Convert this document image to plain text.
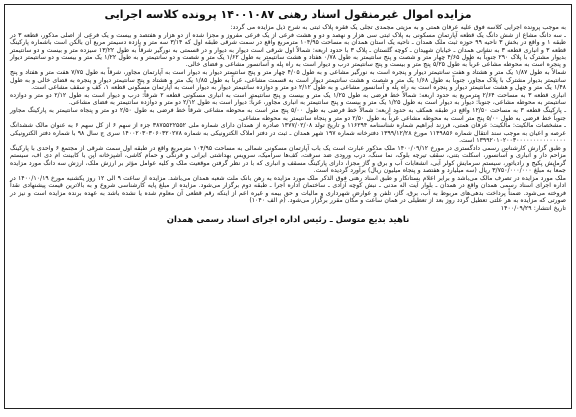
مزایده اموال غیرمنقول اسناد رهنی ۱۴۰۰۱۰۸۷ پرونده کلاسه اجرایی

به موجب پرونده اجرایی کلاسه فوق علیه عرفان همتی و به مزیتی مجمدی تجلی یک فقره پلاک ثبتی به شرح ذیل مزایده می گردد:

ـ سه دانگ مشاع از شش دانگ یک قطعه آپارتمان مسکونی به پلاک ثبتی سی هزار و نهصد و دو و هشت فرعی از یک فرعی مفروز و مجزا شده از دو هزار و هفتصد و بیست و یک فرعی از اصلی مذکور، قطعه ۳ در طبقه ۱ و واقع در بخش ۳ ناحیه ۹۹ حوزه ثبت ملک همدان ـ ناحیه یک استان همدان به مساحت ۱۰۴/۹۵ مترمربع واقع در سمت شرقی طبقه اول که ۳/۱۴ سه متر و یازده دسیمتر مربع آن بالکن است باشماره پارکینگ قطعه ۳ و انباری قطعه ۳ به نشانی همدان ـ خیابان شهیدان ـ کوچه گلستان ـ پلاک ۳ با حدود اربعه: شمالاً اول شرقی است دیوار به دیوار و در قسمتی به نورگیر شرقاً به طول ۱۳/۲۲ سیزده متر و بیست و دو سانتیمتر بدیوار مشترک با پلاک ۲۹۰ جنوباً به طول ۴/۶۵ چهار متر و شصت و پنج سانتیمتر به طول ۰/۷۸ هفتاد و هشت سانتیمتر به طول ۱/۶۲ یک متر و شصت و دو سانتیمتر و به طول ۱/۲۲ یک متر و بیست و دو سانتیمتر دیوار و پنجره است به محوطه مشاعی غرباً به طول ۵/۲۵ پنج متر و بیست و پنج سانتیمتر درب و دیوار است به راه پله و آسانسور مشاعی و فضای خالی.

شمالاً به طول ۱/۸۷ یک متر و هشتاد و هفت سانتیمتر دیوار و پنجره است به نورگیر مشاعی و به طول ۴/۰۵ چهار متر و پنج سانتیمتر دیوار به دیوار است به آپارتمان مجاور، شرقاً به طول ۷/۷۵ هفت متر و هفتاد و پنج سانتیمتر بدیوار مشترک با پلاک مجاور، جنوباً به طول ۱/۶۸ یک متر و شصت و هشت سانتیمتر دیوار است به قسمت مشاعی، غرباً به طول ۱/۸۵ یک متر و هشتاد و پنج سانتیمتر دیوار و پنجره به فضای خالی و به طول ۱/۴۸ یک متر و چهل و هشت سانتیمتر دیوار و پنجره است به راه پله و آسانسور مشاعی و به طول ۲/۱۲ دو متر و دوازده سانتیمتر دیوار به دیوار است به آپارتمان مسکونی قطعه ۱، کف و سقف مشاعی است.

انباری قطعه ۳ به مساحت ۲/۶۴ مترمربع به حدود اربعه: شمالاً خط فرضی به طول ۱/۲۵ یک متر و بیست و پنج سانتیمتر است به انباری مسکونی قطعه ۲ شرقاً: درب و دیوار است به طول ۲/۱۲ دو متر و دوازده سانتیمتر به محوطه مشاعی، جنوباً: دیوار به دیوار است به طول ۱/۲۵ یک متر و بیست و پنج سانتیمتر به انباری مجاور، غرباً: دیوار است به طول ۲/۱۲ دو متر و دوازده سانتیمتر به فضای مشاعی.

ـ پارکینگ قطعه ۳ به مساحت ۱۲/۵۰ واقع در طبقه همکف به حدود اربعه: شمالاً خط فرضی به طول ۵/۰۰ پنج متر است به محوطه مشاعی شرقاً خط فرضی به طول ۲/۵۰ دو متر و پنجاه سانتیمتر به پارکینگ مجاور جنوباً خط فرضی به طول ۵/۰۰ پنج متر است به محوطه مشاعی غرباً به طول ۲/۵۰ دو متر و پنجاه سانتیمتر به محوطه مشاعی.

ـ مشخصات مالکیت: مالکیت: عرفان همتی، فرزند ابراهیم شماره شناسنامه ۱۱۶۲۹۴ و تاریخ تولد ۱۳۷۷/۰۲/۰۸ صادره از همدان دارای شماره ملی ۳۸۷۵۵۲۲۵۵۲ جزء از سهم ۶ از کل سهم ۶ به عنوان مالک ششدانگ عرصه و اعیان به موجب سند انتقال شماره ۱۱۴۹۸۵۶ مورخ ۱۳۹۹/۱۲/۲۸ دفترخانه شماره ۱۹۷ شهر همدان ـ ثبت در دفتر املاک الکترونیکی به شماره ۱۴۰۰۲۰۳۰۳۰۶۰۳۲۰۲۷۸ سری ج سال ۹۸ با شماره دفتر الکترونیکی ۱۳۹۹۲۰۱۰۲۰۰۳۰۰۰۰۰۰۰۰۰۰۰۰۰۰۰ است.

و طبق گزارش کارشناس رسمی دادگستری در مورخ ۱۴۰۰/۰۹/۱۲ ملک مذکور عبارت است یک باب آپارتمان مسکونی شمالی به مساحت ۱۰۴/۹۵ مترمربع واقع در طبقه اول سمت شرقی از مجتمع ۶ واحدی با پارکینگ مزاحم دار و انباری و آسانسور، اسکلت بتنی، سقف تیرچه بلوک، نما سنگ، درب ورودی ضد سرقت، کف‌ها سرامیک، سرویس بهداشتی ایرانی و فرنگی و حمام کاشی، آشپزخانه اپن با کابینت ام دی اف، سیستم گرمایش پکیج و رادیاتور، سیستم سرمایش کولر آبی، انشعابات آب و برق و گاز مجزا، دارای پارکینگ مسقف و انباری که با در نظر گرفتن موقعیت ملک و کلیه عوامل مؤثر بر ارزش ملک، ارزش سه دانگ مورد مزایده جمعاً به مبلغ ۳/۷۵۰/۰۰۰/۰۰۰ ریال (سه میلیارد و هفتصد و پنجاه میلیون ریال) برآورد گردیده است.

ملک مورد مزایده در تصرف مالک می‌باشد و برابر اعلام بستانکار و طبق اسناد رهنی فوق الذکر ملک مورد مزایده به رهن بانک ملت شعبه همدان می‌باشد. مزایده از ساعت ۹ الی ۱۲ روز یکشنبه مورخ ۱۴۰۰/۱۰/۱۹ در اداره اجرای اسناد رسمی همدان واقع در همدان ـ بلوار آیت اله مدنی ـ نبش کوچه آزادی ـ ساختمان اداره اجرا ـ طبقه دوم برگزار می‌شود. مزایده از مبلغ پایه کارشناسی شروع و به بالاترین قیمت پیشنهادی نقداً فروخته می‌شود. ضمناً پرداخت بدهی‌های مربوط به آب، برق، گاز، تلفن و عوارض شهرداری و مالیات و حق بیمه و غیره اعم از اینکه رقم قطعی آن معلوم شده یا نشده باشد به عهده برنده مزایده است و نیز در صورتی که مزایده به هر علتی تعطیل گردد روز بعد از تعطیلی در همان ساعت و مکان مقرر برگزار می‌شود. (م الف ۱۰۴۰)

تاریخ انتشار: ۱۴۰۰/۰۹/۲۹

ناهید بدیع متوسل ـ رئیس اداره اجرای اسناد رسمی همدان
